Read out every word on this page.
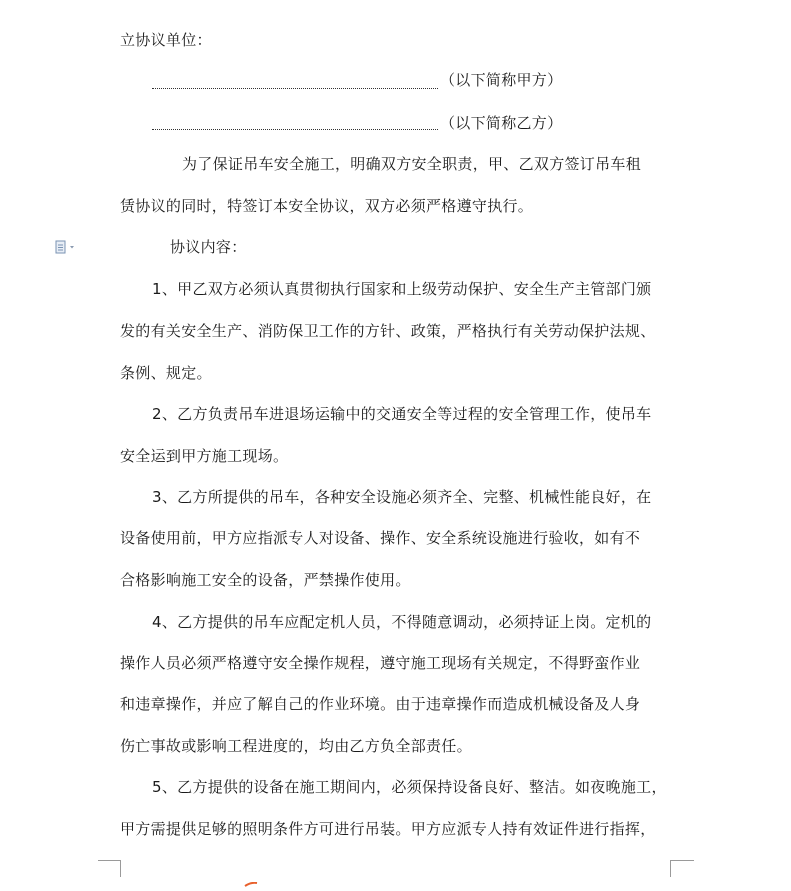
立协议单位：
（以下简称甲方）
（以下简称乙方）
为了保证吊车安全施工，明确双方安全职责，甲、乙双方签订吊车租
赁协议的同时，特签订本安全协议，双方必须严格遵守执行。
协议内容：
1、甲乙双方必须认真贯彻执行国家和上级劳动保护、安全生产主管部门颁
发的有关安全生产、消防保卫工作的方针、政策，严格执行有关劳动保护法规、
条例、规定。
2、乙方负责吊车进退场运输中的交通安全等过程的安全管理工作，使吊车
安全运到甲方施工现场。
3、乙方所提供的吊车，各种安全设施必须齐全、完整、机械性能良好，在
设备使用前，甲方应指派专人对设备、操作、安全系统设施进行验收，如有不
合格影响施工安全的设备，严禁操作使用。
4、乙方提供的吊车应配定机人员，不得随意调动，必须持证上岗。定机的
操作人员必须严格遵守安全操作规程，遵守施工现场有关规定，不得野蛮作业
和违章操作，并应了解自己的作业环境。由于违章操作而造成机械设备及人身
伤亡事故或影响工程进度的，均由乙方负全部责任。
5、乙方提供的设备在施工期间内，必须保持设备良好、整洁。如夜晚施工，
甲方需提供足够的照明条件方可进行吊装。甲方应派专人持有效证件进行指挥，
